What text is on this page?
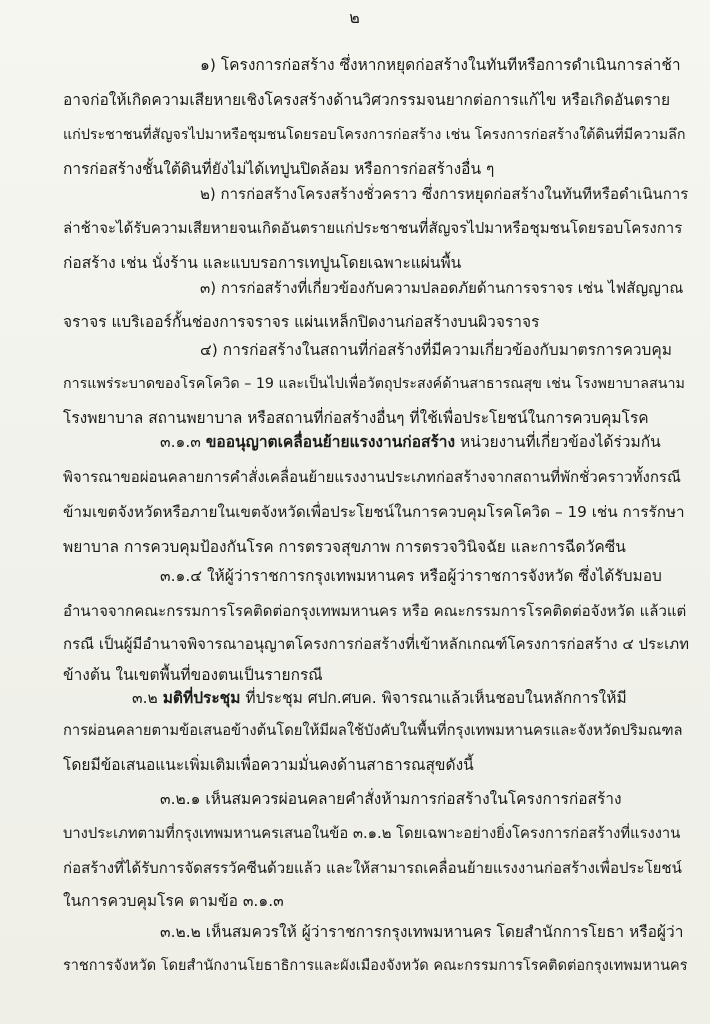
๒
๑) โครงการก่อสร้าง ซึ่งหากหยุดก่อสร้างในทันทีหรือการดำเนินการล่าช้า
อาจก่อให้เกิดความเสียหายเชิงโครงสร้างด้านวิศวกรรมจนยากต่อการแก้ไข หรือเกิดอันตราย
แก่ประชาชนที่สัญจรไปมาหรือชุมชนโดยรอบโครงการก่อสร้าง เช่น โครงการก่อสร้างใต้ดินที่มีความลึก
การก่อสร้างชั้นใต้ดินที่ยังไม่ได้เทปูนปิดล้อม หรือการก่อสร้างอื่น ๆ
๒) การก่อสร้างโครงสร้างชั่วคราว ซึ่งการหยุดก่อสร้างในทันทีหรือดำเนินการ
ล่าช้าจะได้รับความเสียหายจนเกิดอันตรายแก่ประชาชนที่สัญจรไปมาหรือชุมชนโดยรอบโครงการ
ก่อสร้าง เช่น นั่งร้าน และแบบรอการเทปูนโดยเฉพาะแผ่นพื้น
๓) การก่อสร้างที่เกี่ยวข้องกับความปลอดภัยด้านการจราจร เช่น ไฟสัญญาณ
จราจร แบริเออร์กั้นช่องการจราจร แผ่นเหล็กปิดงานก่อสร้างบนผิวจราจร
๔) การก่อสร้างในสถานที่ก่อสร้างที่มีความเกี่ยวข้องกับมาตรการควบคุม
การแพร่ระบาดของโรคโควิด – 19 และเป็นไปเพื่อวัตถุประสงค์ด้านสาธารณสุข เช่น โรงพยาบาลสนาม
โรงพยาบาล สถานพยาบาล หรือสถานที่ก่อสร้างอื่นๆ ที่ใช้เพื่อประโยชน์ในการควบคุมโรค
๓.๑.๓ ขออนุญาตเคลื่อนย้ายแรงงานก่อสร้าง หน่วยงานที่เกี่ยวข้องได้ร่วมกัน
พิจารณาขอผ่อนคลายการคำสั่งเคลื่อนย้ายแรงงานประเภทก่อสร้างจากสถานที่พักชั่วคราวทั้งกรณี
ข้ามเขตจังหวัดหรือภายในเขตจังหวัดเพื่อประโยชน์ในการควบคุมโรคโควิด – 19 เช่น การรักษา
พยาบาล การควบคุมป้องกันโรค การตรวจสุขภาพ การตรวจวินิจฉัย และการฉีดวัคซีน
๓.๑.๔ ให้ผู้ว่าราชการกรุงเทพมหานคร หรือผู้ว่าราชการจังหวัด ซึ่งได้รับมอบ
อำนาจจากคณะกรรมการโรคติดต่อกรุงเทพมหานคร หรือ คณะกรรมการโรคติดต่อจังหวัด แล้วแต่
กรณี เป็นผู้มีอำนาจพิจารณาอนุญาตโครงการก่อสร้างที่เข้าหลักเกณฑ์โครงการก่อสร้าง ๔ ประเภท
ข้างต้น ในเขตพื้นที่ของตนเป็นรายกรณี
๓.๒ มติที่ประชุม ที่ประชุม ศปก.ศบค. พิจารณาแล้วเห็นชอบในหลักการให้มี
การผ่อนคลายตามข้อเสนอข้างต้นโดยให้มีผลใช้บังคับในพื้นที่กรุงเทพมหานครและจังหวัดปริมณฑล
โดยมีข้อเสนอแนะเพิ่มเติมเพื่อความมั่นคงด้านสาธารณสุขดังนี้
๓.๒.๑ เห็นสมควรผ่อนคลายคำสั่งห้ามการก่อสร้างในโครงการก่อสร้าง
บางประเภทตามที่กรุงเทพมหานครเสนอในข้อ ๓.๑.๒ โดยเฉพาะอย่างยิ่งโครงการก่อสร้างที่แรงงาน
ก่อสร้างที่ได้รับการจัดสรรวัคซีนด้วยแล้ว และให้สามารถเคลื่อนย้ายแรงงานก่อสร้างเพื่อประโยชน์
ในการควบคุมโรค ตามข้อ ๓.๑.๓
๓.๒.๒ เห็นสมควรให้ ผู้ว่าราชการกรุงเทพมหานคร โดยสำนักการโยธา หรือผู้ว่า
ราชการจังหวัด โดยสำนักงานโยธาธิการและผังเมืองจังหวัด คณะกรรมการโรคติดต่อกรุงเทพมหานคร
